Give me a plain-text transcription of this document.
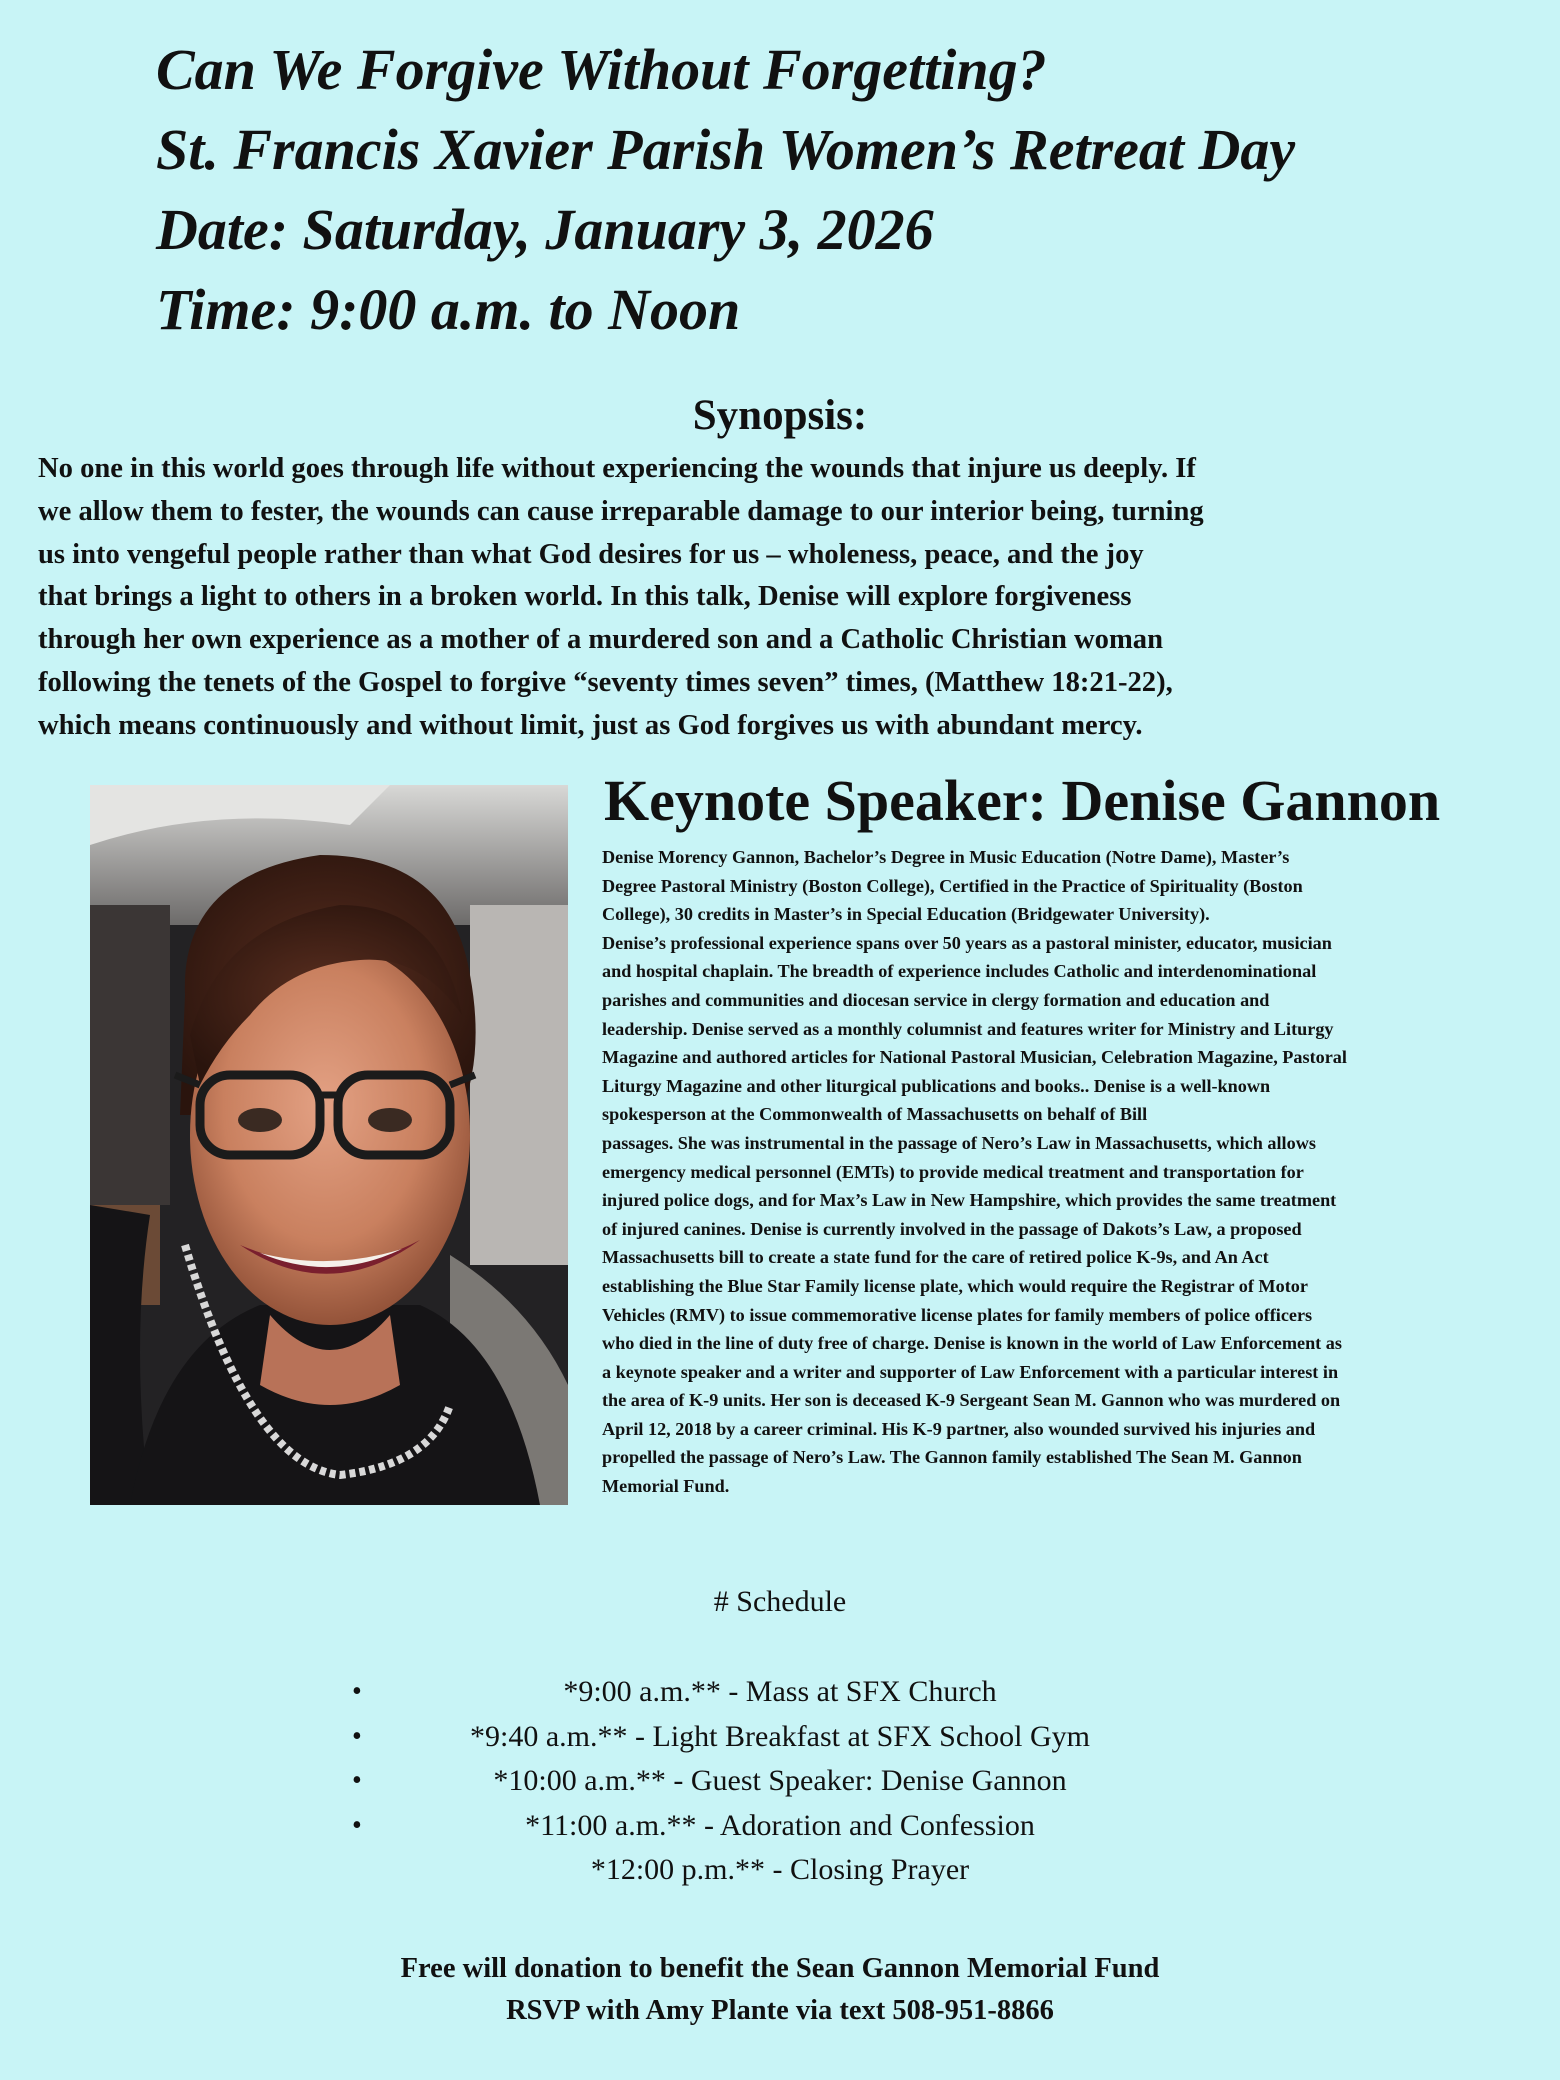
Can We Forgive Without Forgetting?

St. Francis Xavier Parish Women’s Retreat Day

Date: Saturday, January 3, 2026

Time: 9:00 a.m. to Noon

Synopsis:
No one in this world goes through life without experiencing the wounds that injure us deeply. If
we allow them to fester, the wounds can cause irreparable damage to our interior being, turning
us into vengeful people rather than what God desires for us – wholeness, peace, and the joy
that brings a light to others in a broken world. In this talk, Denise will explore forgiveness
through her own experience as a mother of a murdered son and a Catholic Christian woman
following the tenets of the Gospel to forgive “seventy times seven” times, (Matthew 18:21-22),
which means continuously and without limit, just as God forgives us with abundant mercy.
Keynote Speaker: Denise Gannon

Denise Morency Gannon, Bachelor’s Degree in Music Education (Notre Dame), Master’s

Degree Pastoral Ministry (Boston College), Certified in the Practice of Spirituality (Boston

College), 30 credits in Master’s in Special Education (Bridgewater University).

Denise’s professional experience spans over 50 years as a pastoral minister, educator, musician

and hospital chaplain. The breadth of experience includes Catholic and interdenominational

parishes and communities and diocesan service in clergy formation and education and

leadership. Denise served as a monthly columnist and features writer for Ministry and Liturgy

Magazine and authored articles for National Pastoral Musician, Celebration Magazine, Pastoral

Liturgy Magazine and other liturgical publications and books.. Denise is a well-known

spokesperson at the Commonwealth of Massachusetts on behalf of Bill

passages. She was instrumental in the passage of Nero’s Law in Massachusetts, which allows

emergency medical personnel (EMTs) to provide medical treatment and transportation for

injured police dogs, and for Max’s Law in New Hampshire, which provides the same treatment

of injured canines. Denise is currently involved in the passage of Dakots’s Law, a proposed

Massachusetts bill to create a state fund for the care of retired police K-9s, and An Act

establishing the Blue Star Family license plate, which would require the Registrar of Motor

Vehicles (RMV) to issue commemorative license plates for family members of police officers

who died in the line of duty free of charge. Denise is known in the world of Law Enforcement as

a keynote speaker and a writer and supporter of Law Enforcement with a particular interest in

the area of K-9 units. Her son is deceased K-9 Sergeant Sean M. Gannon who was murdered on

April 12, 2018 by a career criminal. His K-9 partner, also wounded survived his injuries and

propelled the passage of Nero’s Law. The Gannon family established The Sean M. Gannon

Memorial Fund.

# Schedule
•	*9:00 a.m.** - Mass at SFX Church
•	*9:40 a.m.** - Light Breakfast at SFX School Gym
•	*10:00 a.m.** - Guest Speaker: Denise Gannon
•	*11:00 a.m.** - Adoration and Confession
*12:00 p.m.** - Closing Prayer
Free will donation to benefit the Sean Gannon Memorial Fund
RSVP with Amy Plante via text 508-951-8866
